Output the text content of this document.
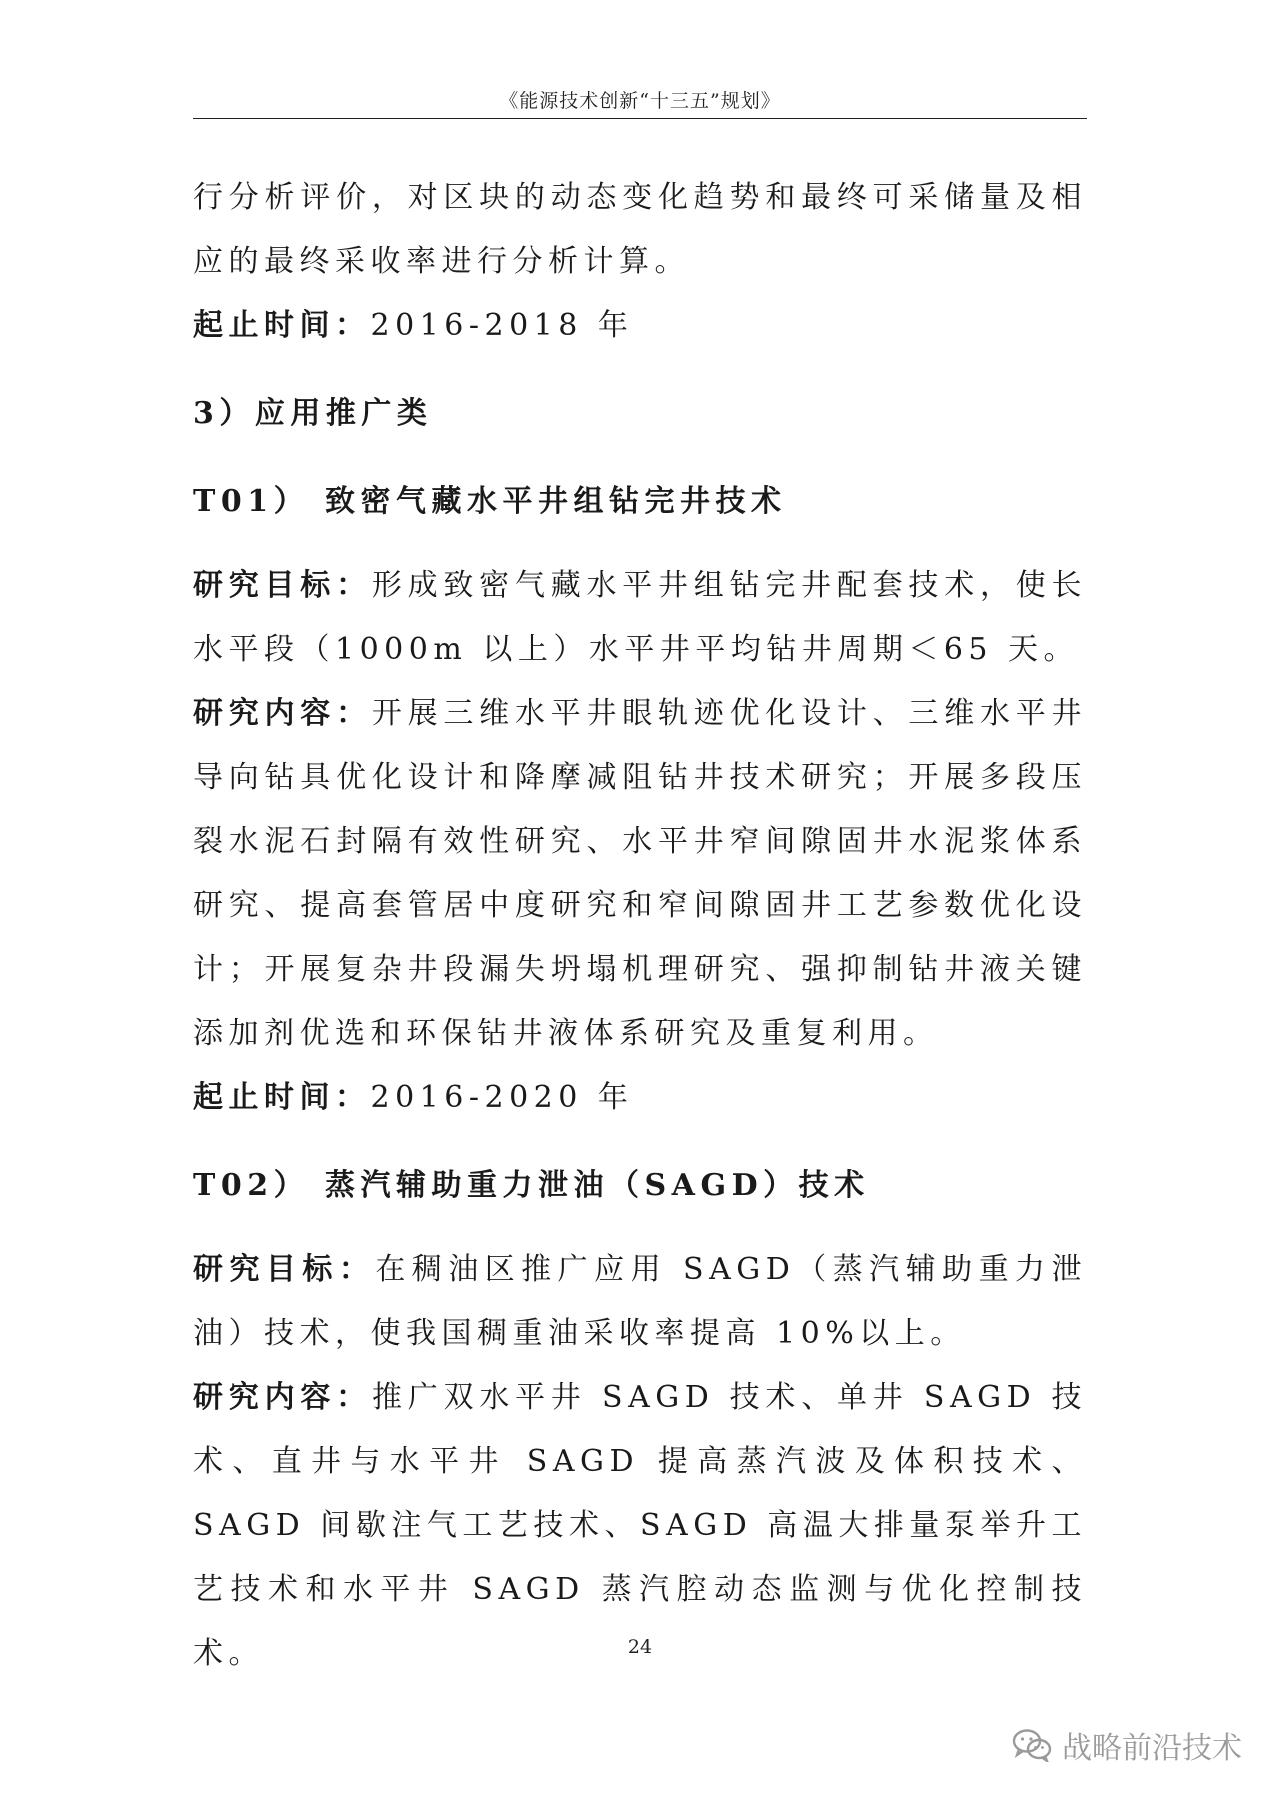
《能源技术创新“十三五”规划》

行分析评价，对区块的动态变化趋势和最终可采储量及相应的最终采收率进行分析计算。

起止时间：2016-2018 年

3）应用推广类

T01） 致密气藏水平井组钻完井技术

研究目标：形成致密气藏水平井组钻完井配套技术，使长水平段（1000m 以上）水平井平均钻井周期＜65 天。

研究内容：开展三维水平井眼轨迹优化设计、三维水平井导向钻具优化设计和降摩减阻钻井技术研究；开展多段压裂水泥石封隔有效性研究、水平井窄间隙固井水泥浆体系研究、提高套管居中度研究和窄间隙固井工艺参数优化设计；开展复杂井段漏失坍塌机理研究、强抑制钻井液关键添加剂优选和环保钻井液体系研究及重复利用。

起止时间：2016-2020 年

T02） 蒸汽辅助重力泄油（SAGD）技术

研究目标：在稠油区推广应用 SAGD（蒸汽辅助重力泄油）技术，使我国稠重油采收率提高 10%以上。

研究内容：推广双水平井 SAGD 技术、单井 SAGD 技术、直井与水平井 SAGD 提高蒸汽波及体积技术、SAGD 间歇注气工艺技术、SAGD 高温大排量泵举升工艺技术和水平井 SAGD 蒸汽腔动态监测与优化控制技术。	24
战略前沿技术
